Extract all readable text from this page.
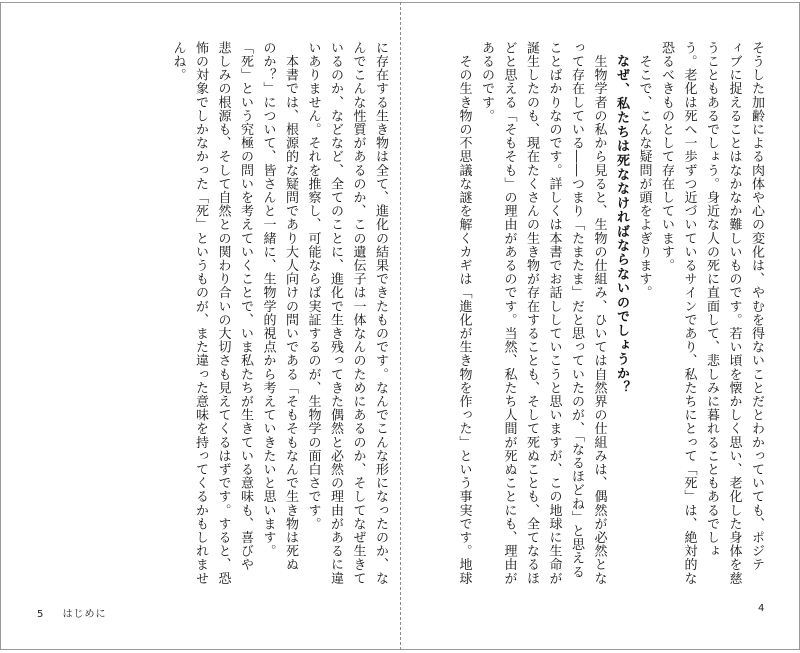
に存在する生き物は全て、進化の結果できたものです。なんでこんな形になったのか、な

んでこんな性質があるのか、この遺伝子は一体なんのためにあるのか、そしてなぜ生きて

いるのか、などなど、全てのことに、進化で生き残ってきた偶然と必然の理由があるに違

いありません。それを推察し、可能ならば実証するのが、生物学の面白さです。

　本書では、根源的な疑問であり大人向けの問いである「そもそもなんで生き物は死ぬ

のか？」について、皆さんと一緒に、生物学的視点から考えていきたいと思います。

「死」という究極の問いを考えていくことで、いま私たちが生きている意味も、喜びや

悲しみの根源も、そして自然との関わり合いの大切さも見えてくるはずです。すると、恐

怖の対象でしかなかった「死」というものが、また違った意味を持ってくるかもしれませ

んね。

5 はじめに

そうした加齢による肉体や心の変化は、やむを得ないことだとわかっていても、ポジテ

ィブに捉えることはなかなか難しいものです。若い頃を懐かしく思い、老化した身体を慈

うこともあるでしょう。身近な人の死に直面して、悲しみに暮れることもあるでしょ

う。老化は死へ一歩ずつ近づいているサインであり、私たちにとって「死」は、絶対的な

恐るべきものとして存在しています。

　そこで、こんな疑問が頭をよぎります。

なぜ、私たちは死ななければならないのでしょうか？

　生物学者の私から見ると、生物の仕組み、ひいては自然界の仕組みは、偶然が必然とな

って存在している――つまり「たまたま」だと思っていたのが、「なるほどね」と思える

ことばかりなのです。詳しくは本書でお話ししていこうと思いますが、この地球に生命が

誕生したのも、現在たくさんの生き物が存在することも、そして死ぬことも、全てなるほ

どと思える「そもそも」の理由があるのです。当然、私たち人間が死ぬことにも、理由が

あるのです。

　その生き物の不思議な謎を解くカギは「進化が生き物を作った」という事実です。地球

4
